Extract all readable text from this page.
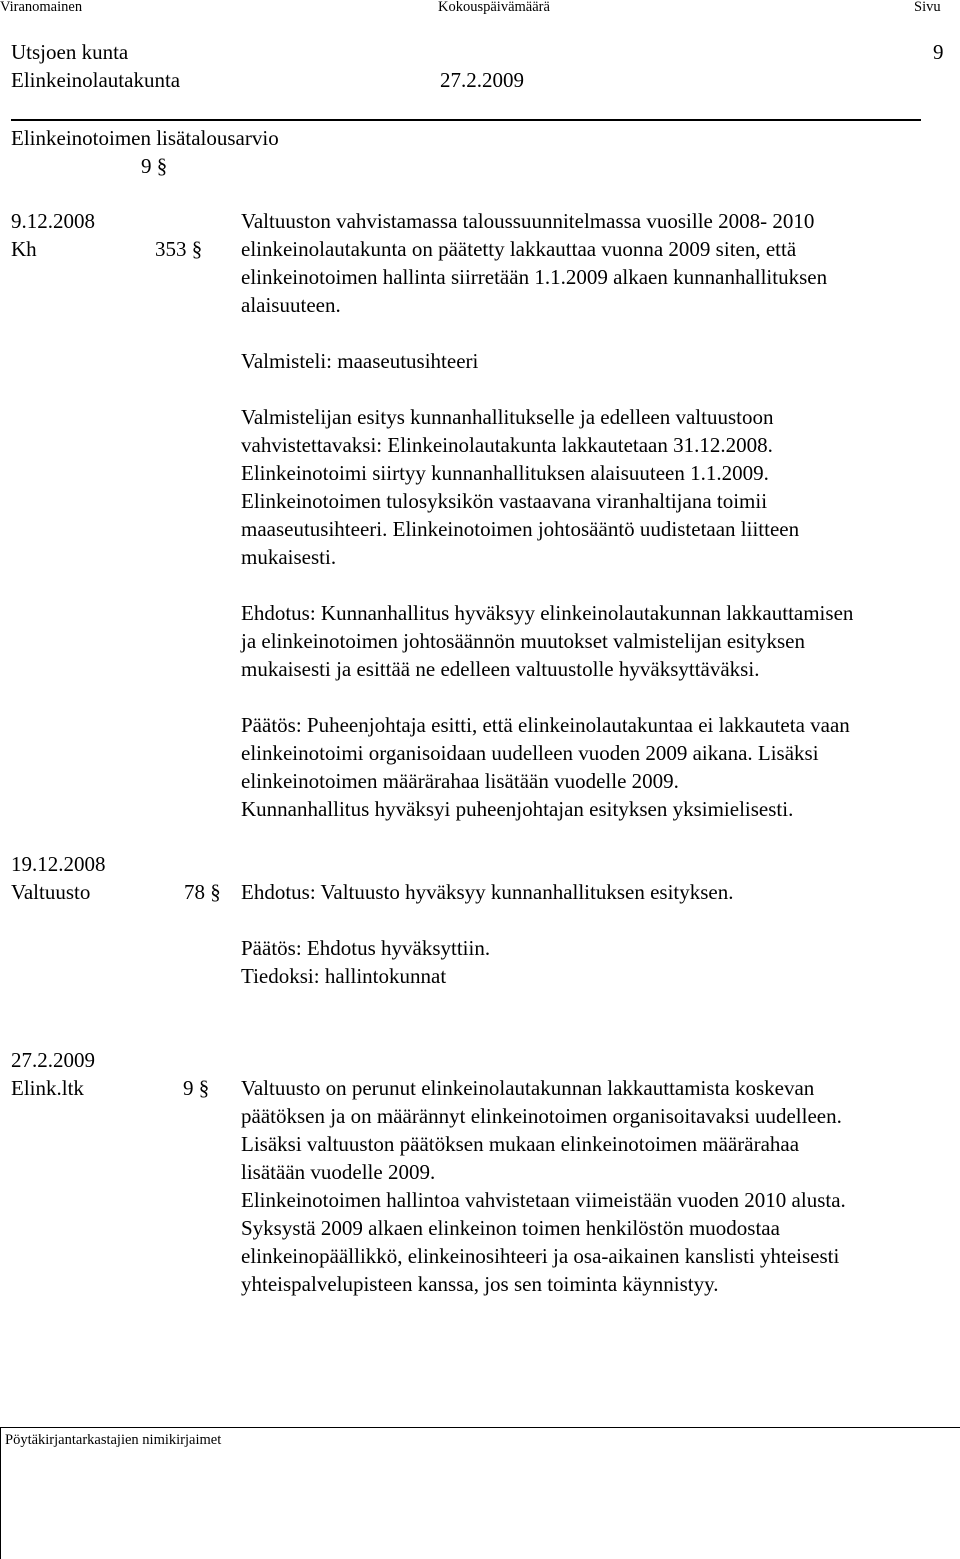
Viranomainen	Kokouspäivämäärä	Sivu
Utsjoen kunta	9
Elinkeinolautakunta	27.2.2009
Elinkeinotoimen lisätalousarvio
9 §

9.12.2008

Kh	353 §

Valtuuston vahvistamassa taloussuunnitelmassa vuosille 2008- 2010

elinkeinolautakunta on päätetty lakkauttaa vuonna 2009 siten, että

elinkeinotoimen hallinta siirretään 1.1.2009 alkaen kunnanhallituksen

alaisuuteen.

Valmisteli: maaseutusihteeri

Valmistelijan esitys kunnanhallitukselle ja edelleen valtuustoon

vahvistettavaksi: Elinkeinolautakunta lakkautetaan 31.12.2008.

Elinkeinotoimi siirtyy kunnanhallituksen alaisuuteen 1.1.2009.

Elinkeinotoimen tulosyksikön vastaavana viranhaltijana toimii

maaseutusihteeri. Elinkeinotoimen johtosääntö uudistetaan liitteen

mukaisesti.

Ehdotus: Kunnanhallitus hyväksyy elinkeinolautakunnan lakkauttamisen

ja elinkeinotoimen johtosäännön muutokset valmistelijan esityksen

mukaisesti ja esittää ne edelleen valtuustolle hyväksyttäväksi.

Päätös: Puheenjohtaja esitti, että elinkeinolautakuntaa ei lakkauteta vaan

elinkeinotoimi organisoidaan uudelleen vuoden 2009 aikana. Lisäksi

elinkeinotoimen määrärahaa lisätään vuodelle 2009.

Kunnanhallitus hyväksyi puheenjohtajan esityksen yksimielisesti.

19.12.2008

Valtuusto	78 § Ehdotus: Valtuusto hyväksyy kunnanhallituksen esityksen.

Päätös: Ehdotus hyväksyttiin.

Tiedoksi: hallintokunnat

27.2.2009

Elink.ltk	9 § Valtuusto on perunut elinkeinolautakunnan lakkauttamista koskevan

päätöksen ja on määrännyt elinkeinotoimen organisoitavaksi uudelleen.

Lisäksi valtuuston päätöksen mukaan elinkeinotoimen määrärahaa

lisätään vuodelle 2009.

Elinkeinotoimen hallintoa vahvistetaan viimeistään vuoden 2010 alusta.

Syksystä 2009 alkaen elinkeinon toimen henkilöstön muodostaa

elinkeinopäällikkö, elinkeinosihteeri ja osa-aikainen kanslisti yhteisesti

yhteispalvelupisteen kanssa, jos sen toiminta käynnistyy.

Pöytäkirjantarkastajien nimikirjaimet
